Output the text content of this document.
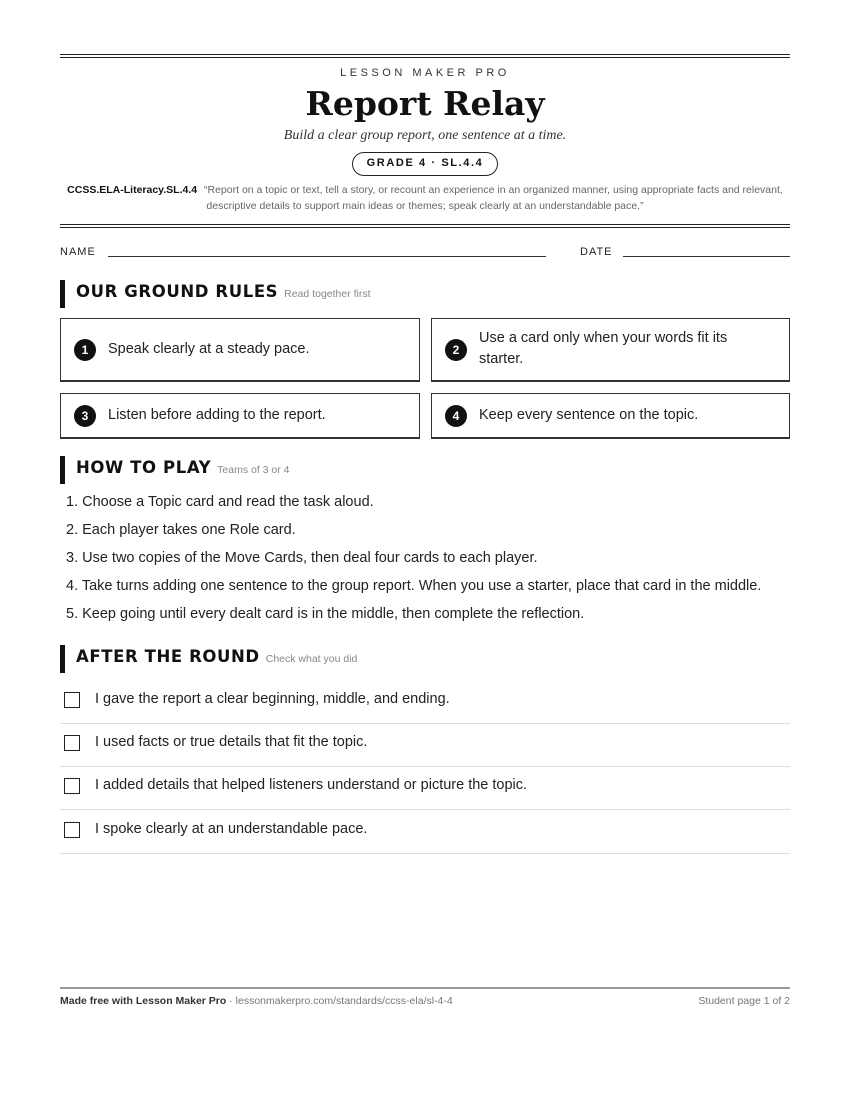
LESSON MAKER PRO
Report Relay
Build a clear group report, one sentence at a time.
GRADE 4 · SL.4.4
CCSS.ELA-Literacy.SL.4.4 “Report on a topic or text, tell a story, or recount an experience in an organized manner, using appropriate facts and relevant, descriptive details to support main ideas or themes; speak clearly at an understandable pace.”
NAME	DATE
OUR GROUND RULES Read together first
1	Speak clearly at a steady pace.	2
Use a card only when your words fit its starter.
3	Listen before adding to the report.	4	Keep every sentence on the topic.
HOW TO PLAY Teams of 3 or 4
1. Choose a Topic card and read the task aloud.
2. Each player takes one Role card.
3. Use two copies of the Move Cards, then deal four cards to each player.
4. Take turns adding one sentence to the group report. When you use a starter, place that card in the middle.
5. Keep going until every dealt card is in the middle, then complete the reflection.
AFTER THE ROUND Check what you did
I gave the report a clear beginning, middle, and ending.
I used facts or true details that fit the topic.
I added details that helped listeners understand or picture the topic.
I spoke clearly at an understandable pace.
Made free with Lesson Maker Pro · lessonmakerpro.com/standards/ccss-ela/sl-4-4	Student page 1 of 2
